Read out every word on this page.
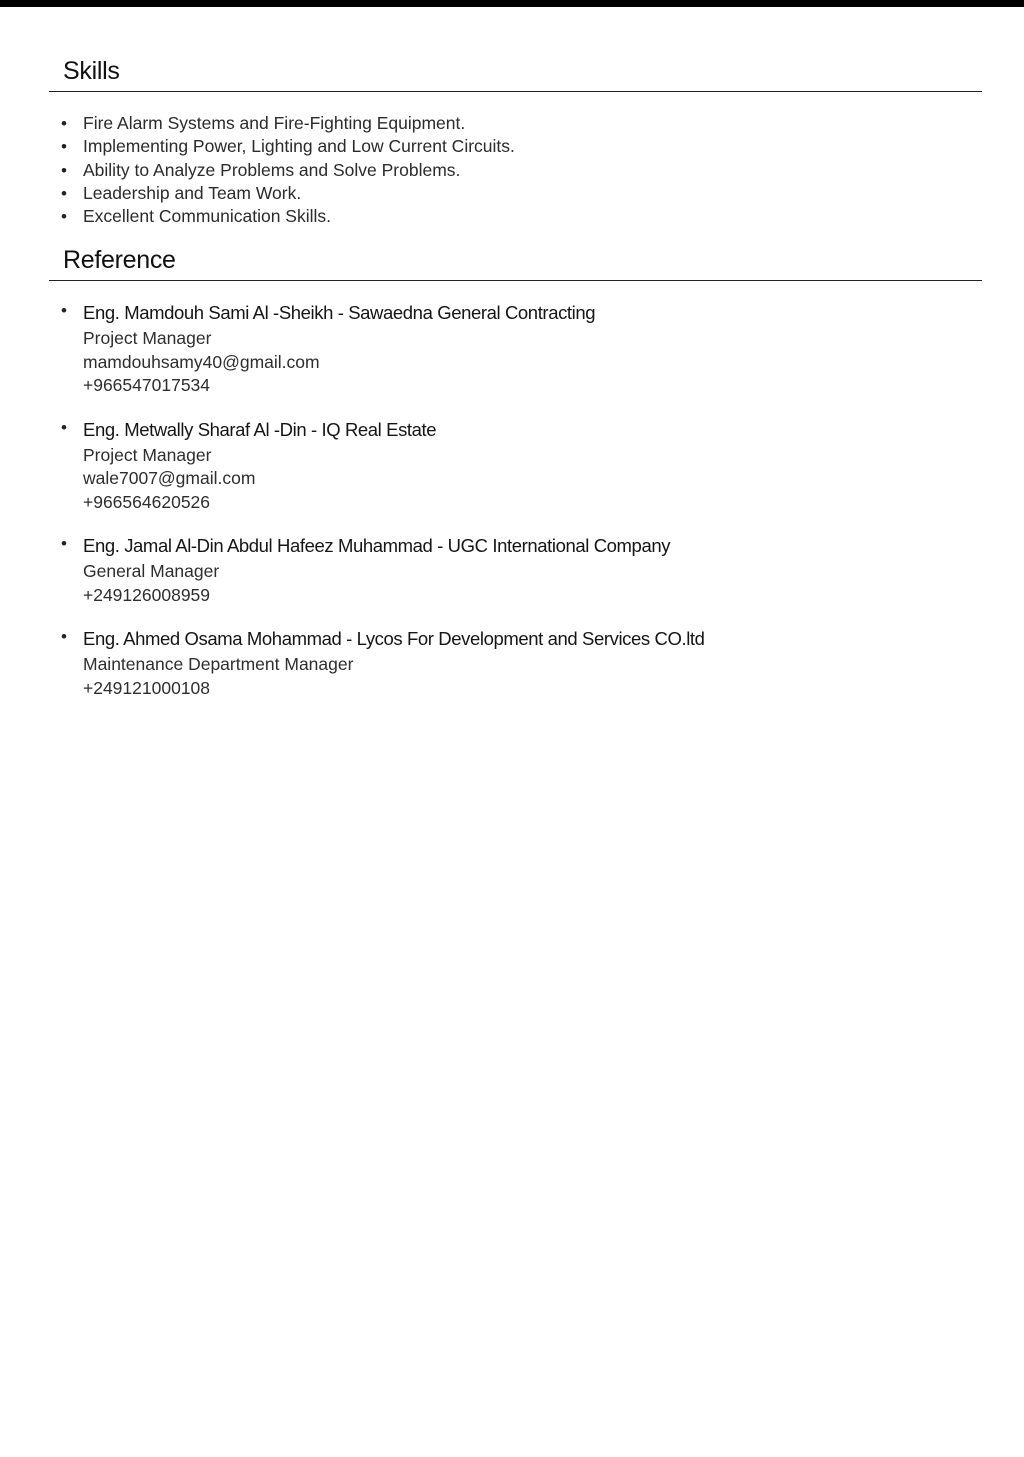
Skills
• Fire Alarm Systems and Fire-Fighting Equipment.
• Implementing Power, Lighting and Low Current Circuits.
• Ability to Analyze Problems and Solve Problems.
• Leadership and Team Work.
• Excellent Communication Skills.
Reference
• Eng. Mamdouh Sami Al -Sheikh - Sawaedna General Contracting
Project Manager
mamdouhsamy40@gmail.com
+966547017534
• Eng. Metwally Sharaf Al -Din - IQ Real Estate
Project Manager
wale7007@gmail.com
+966564620526
• Eng. Jamal Al-Din Abdul Hafeez Muhammad - UGC International Company
General Manager
+249126008959
• Eng. Ahmed Osama Mohammad - Lycos For Development and Services CO.ltd
Maintenance Department Manager
+249121000108
